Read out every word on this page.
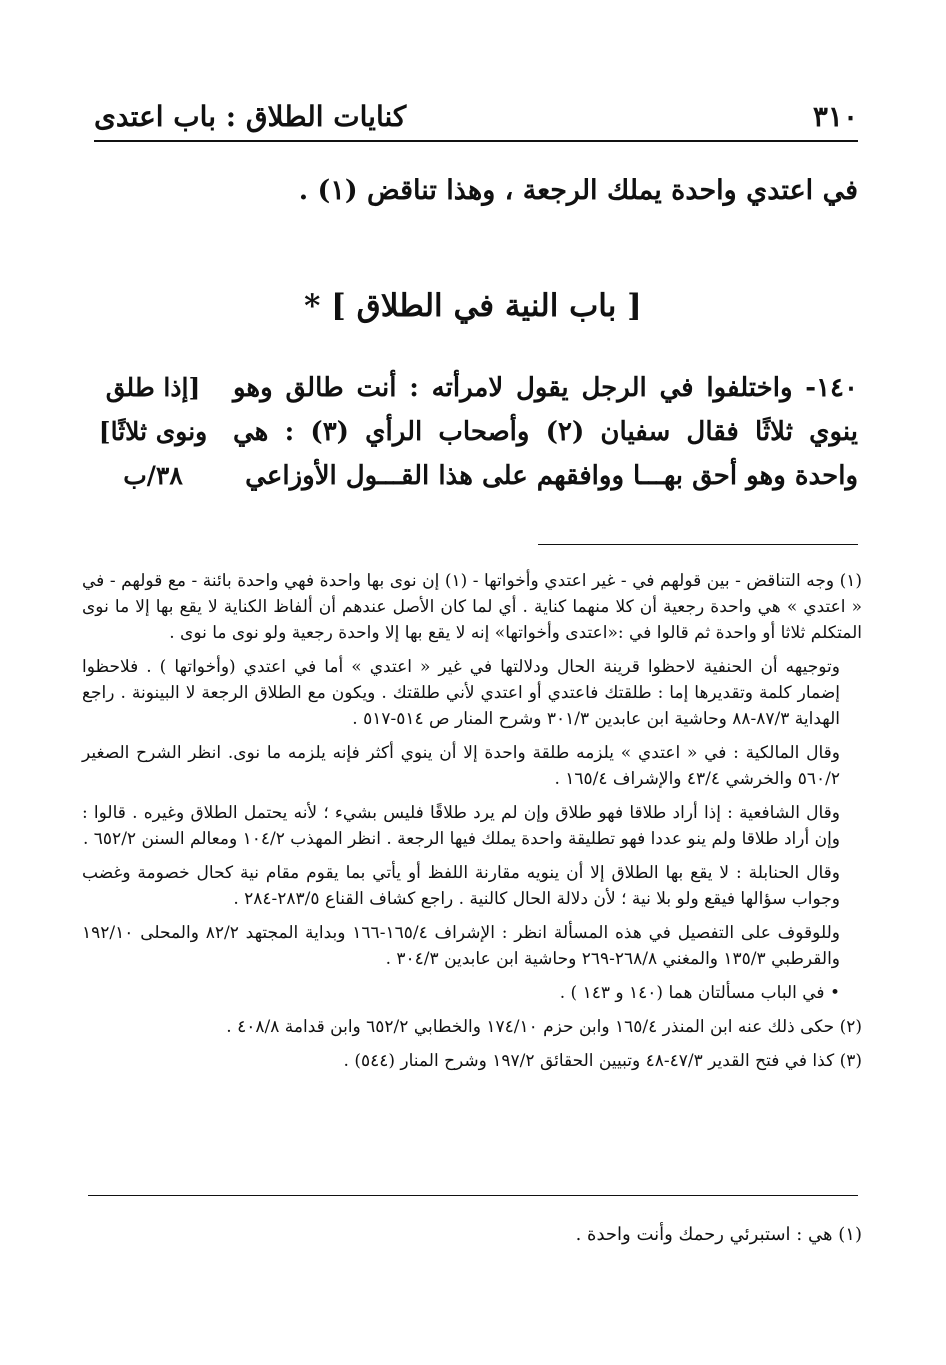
٣١٠
كنايات الطلاق : باب اعتدى
في اعتدي واحدة يملك الرجعة ، وهذا تناقض (١) .
[ باب النية في الطلاق ] *
١٤٠- واختلفوا في الرجل يقول لامرأته : أنت طالق وهو ينوي ثلاثًا فقال سفيان (٢) وأصحاب الرأي (٣) : هي واحدة وهو أحق بهـــا ووافقهم على هذا القـــول الأوزاعي
[إذا طلق ونوى ثلاثًا] ٣٨/ب

(١) وجه التناقض - بين قولهم في - غير اعتدي وأخواتها - (١) إن نوى بها واحدة فهي واحدة بائنة - مع قولهم - في « اعتدي » هي واحدة رجعية أن كلا منهما كناية . أي لما كان الأصل عندهم أن ألفاظ الكناية لا يقع بها إلا ما نوى المتكلم ثلاثا أو واحدة ثم قالوا في :«اعتدى وأخواتها» إنه لا يقع بها إلا واحدة رجعية ولو نوى ما نوى .

وتوجيهه أن الحنفية لاحظوا قرينة الحال ودلالتها في غير « اعتدي » أما في اعتدي (وأخواتها ) . فلاحظوا إضمار كلمة وتقديرها إما : طلقتك فاعتدي أو اعتدي لأني طلقتك . ويكون مع الطلاق الرجعة لا البينونة . راجع الهداية ٨٧/٣-٨٨ وحاشية ابن عابدين ٣٠١/٣ وشرح المنار ص ٥١٤-٥١٧ .

وقال المالكية : في « اعتدي » يلزمه طلقة واحدة إلا أن ينوي أكثر فإنه يلزمه ما نوى. انظر الشرح الصغير ٥٦٠/٢ والخرشي ٤٣/٤ والإشراف ١٦٥/٤ .

وقال الشافعية : إذا أراد طلاقا فهو طلاق وإن لم يرد طلاقًا فليس بشيء ؛ لأنه يحتمل الطلاق وغيره . قالوا : وإن أراد طلاقا ولم ينو عددا فهو تطليقة واحدة يملك فيها الرجعة . انظر المهذب ١٠٤/٢ ومعالم السنن ٦٥٢/٢ .

وقال الحنابلة : لا يقع بها الطلاق إلا أن ينويه مقارنة اللفظ أو يأتي بما يقوم مقام نية كحال خصومة وغضب وجواب سؤالها فيقع ولو بلا نية ؛ لأن دلالة الحال كالنية . راجع كشاف القناع ٢٨٣/٥-٢٨٤ .

وللوقوف على التفصيل في هذه المسألة انظر : الإشراف ١٦٥/٤-١٦٦ وبداية المجتهد ٨٢/٢ والمحلى ١٩٢/١٠ والقرطبي ١٣٥/٣ والمغني ٢٦٨/٨-٢٦٩ وحاشية ابن عابدين ٣٠٤/٣ .

• في الباب مسألتان هما (١٤٠ و ١٤٣ ) .

(٢) حكى ذلك عنه ابن المنذر ١٦٥/٤ وابن حزم ١٧٤/١٠ والخطابي ٦٥٢/٢ وابن قدامة ٤٠٨/٨ .

(٣) كذا في فتح القدير ٤٧/٣-٤٨ وتبيين الحقائق ١٩٧/٢ وشرح المنار (٥٤٤) .

(١) هي : استبرئي رحمك وأنت واحدة .
